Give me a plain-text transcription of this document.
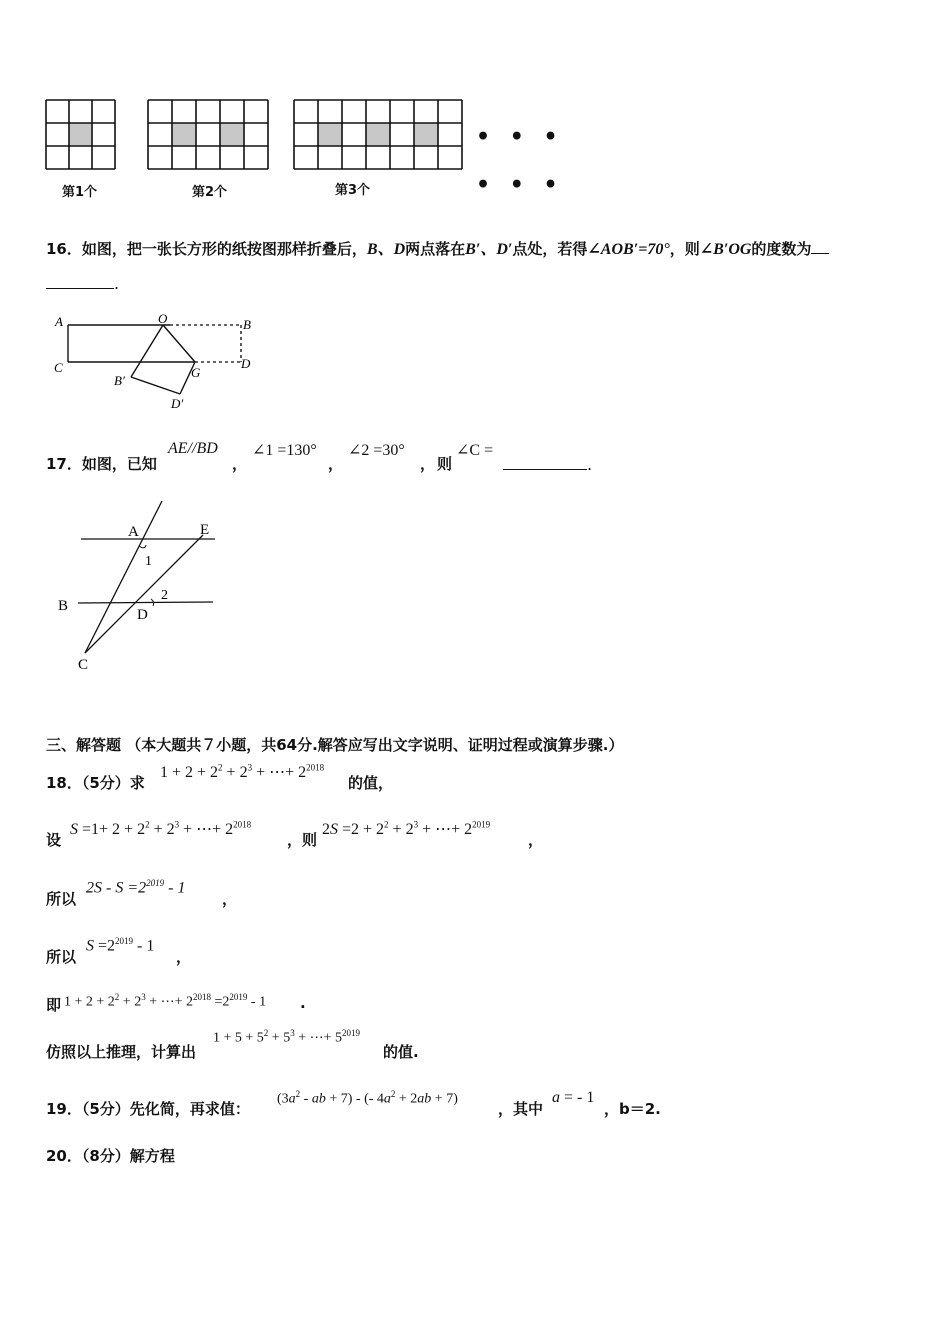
第1个	第2个	第3个
• • •
• • •
16．如图，把一张长方形的纸按图那样折叠后，B、D两点落在B′、D′点处，若得∠AOB′=70°，则∠B′OG的度数为
.
A	O	B
C	G
D
B′
D′
17．如图，已知
AE//BD
，
∠1 =130°
，
∠2 =30°
， 则
∠C =
.
A	E
1
B
2
D
C
三、解答题 （本大题共７小题，共64分.解答应写出文字说明、证明过程或演算步骤.）
18．（5分）求
$1 + 2 + 2^2 + 2^3$ + ⋯+ $2^{2018}$
的值，
设
$S =1+ 2 + 2^2 + 2^3$ + ⋯+ $2^{2018}$
，则
$2S =2 + 2^2 + 2^3$ + ⋯+ $2^{2019}$
，
所以
$2S - S =2^{2019} - 1$
，
所以
$S =2^{2019} - 1$
，
即 $1 + 2 + 2^2 + 2^3$ + ⋯+ $2^{2018} =2^{2019} - 1$ .
仿照以上推理，计算出
$1 + 5 + 5^2 + 5^3$ + ⋯+ $5^{2019}$
的值.
19．（5分）先化简，再求值：
($3a^2$ - ab + 7) - (- $4a^2 + 2ab + 7$)
，其中
a = - 1
，b＝2.
20．（8分）解方程
